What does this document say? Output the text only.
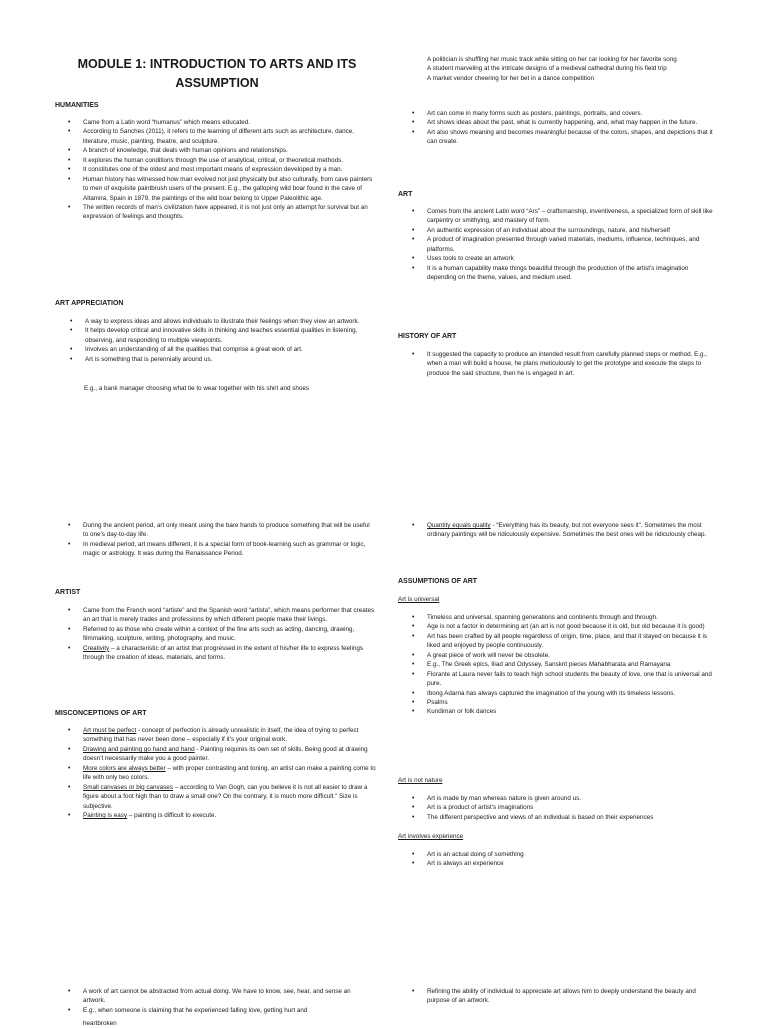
MODULE 1: INTRODUCTION TO ARTS AND ITS
ASSUMPTION
HUMANITIES
• Came from a Latin word “humanus” which means educated.
• According to Sanches (2011), it refers to the learning of different arts such as architecture, dance, literature, music, painting, theatre, and sculpture.
• A branch of knowledge, that deals with human opinions and relationships.
• It explores the human conditions through the use of analytical, critical, or theoretical methods.
• It constitutes one of the oldest and most important means of expression developed by a man.
• Human history has witnessed how man evolved not just physically but also culturally, from cave painters to men of exquisite paintbrush users of the present. E.g., the galloping wild boar found in the cave of Altamira, Spain in 1879. the paintings of the wild boar belong to Upper Paleolithic age.
• The written records of man’s civilization have appeared, it is not just only an attempt for survival but an expression of feelings and thoughts.
ART APPRECIATION
• A way to express ideas and allows individuals to illustrate their feelings when they view an artwork.
• It helps develop critical and innovative skills in thinking and teaches essential qualities in listening, observing, and responding to multiple viewpoints.
• Involves an understanding of all the qualities that comprise a great work of art.
• Art is something that is perennially around us.
E.g., a bank manager choosing what tie to wear together with his shirt and shoes
A politician is shuffling her music track while sitting on her car looking for her favorite song
A student marveling at the intricate designs of a medieval cathedral during his field trip
A market vendor cheering for her bet in a dance competition
• Art can come in many forms such as posters, paintings, portraits, and covers.
• Art shows ideas about the past, what is currently happening, and, what may happen in the future.
• Art also shows meaning and becomes meaningful because of the colors, shapes, and depictions that it can create.
ART
• Comes from the ancient Latin word “Ars” – craftsmanship, inventiveness, a specialized form of skill like carpentry or smithying, and mastery of form.
• An authentic expression of an individual about the surroundings, nature, and his/herself
• A product of imagination presented through varied materials, mediums, influence, techniques, and platforms.
• Uses tools to create an artwork
• It is a human capability make things beautiful through the production of the artist’s imagination depending on the theme, values, and medium used.
HISTORY OF ART
• It suggested the capacity to produce an intended result from carefully planned steps or method. E.g., when a man will build a house, he plans meticulously to get the prototype and execute the steps to produce the said structure, then he is engaged in art.
• During the ancient period, art only meant using the bare hands to produce something that will be useful to one’s day-to-day life.
• In medieval period, art means different, it is a special form of book-learning such as grammar or logic, magic or astrology. It was during the Renaissance Period.
ARTIST
• Came from the French word “artiste” and the Spanish word “artista”, which means performer that creates an art that is merely trades and professions by which different people make their livings.
• Referred to as those who create within a context of the fine arts such as acting, dancing, drawing, filmmaking, sculpture, writing, photography, and music.
• Creativity – a characteristic of an artist that progressed in the extent of his/her life to express feelings through the creation of ideas, materials, and forms.
MISCONCEPTIONS OF ART
• Art must be perfect - concept of perfection is already unrealistic in itself, the idea of trying to perfect something that has never been done – especially if it’s your original work.
• Drawing and painting go hand and hand - Painting requires its own set of skills. Being good at drawing doesn’t necessarily make you a good painter.
• More colors are always better – with proper contrasting and toning, an artist can make a painting come to life with only two colors.
• Small canvases or big canvases – according to Van Gogh, can you believe it is not all easier to draw a figure about a foot high than to draw a small one? On the contrary, it is much more difficult.” Size is subjective.
• Painting is easy – painting is difficult to execute.
• Quantity equals quality - “Everything has its beauty, but not everyone sees it”. Sometimes the most ordinary paintings will be ridiculously expensive. Sometimes the best ones will be ridiculously cheap.
ASSUMPTIONS OF ART
Art is universal
• Timeless and universal, spanning generations and continents through and through.
• Age is not a factor in determining art (an art is not good because it is old, but old because it is good)
• Art has been crafted by all people regardless of origin, time, place, and that it stayed on because it is liked and enjoyed by people continuously.
• A great piece of work will never be obsolete.
• E.g., The Greek epics, Iliad and Odyssey, Sanskrit pieces Mahabharata and Ramayana
• Florante at Laura never fails to teach high school students the beauty of love, one that is universal and pure.
• Ibong Adarna has always captured the imagination of the young with its timeless lessons.
• Psalms
• Kundiman or folk dances
Art is not nature
• Art is made by man whereas nature is given around us.
• Art is a product of artist’s imaginations
• The different perspective and views of an individual is based on their experiences
Art involves experience
• Art is an actual doing of something
• Art is always an experience
• A work of art cannot be abstracted from actual doing. We have to know, see, hear, and sense an artwork.
• E.g., when someone is claiming that he experienced falling love, getting hurt and
heartbroken
• Refining the ability of individual to appreciate art allows him to deeply understand the beauty and purpose of an artwork.
